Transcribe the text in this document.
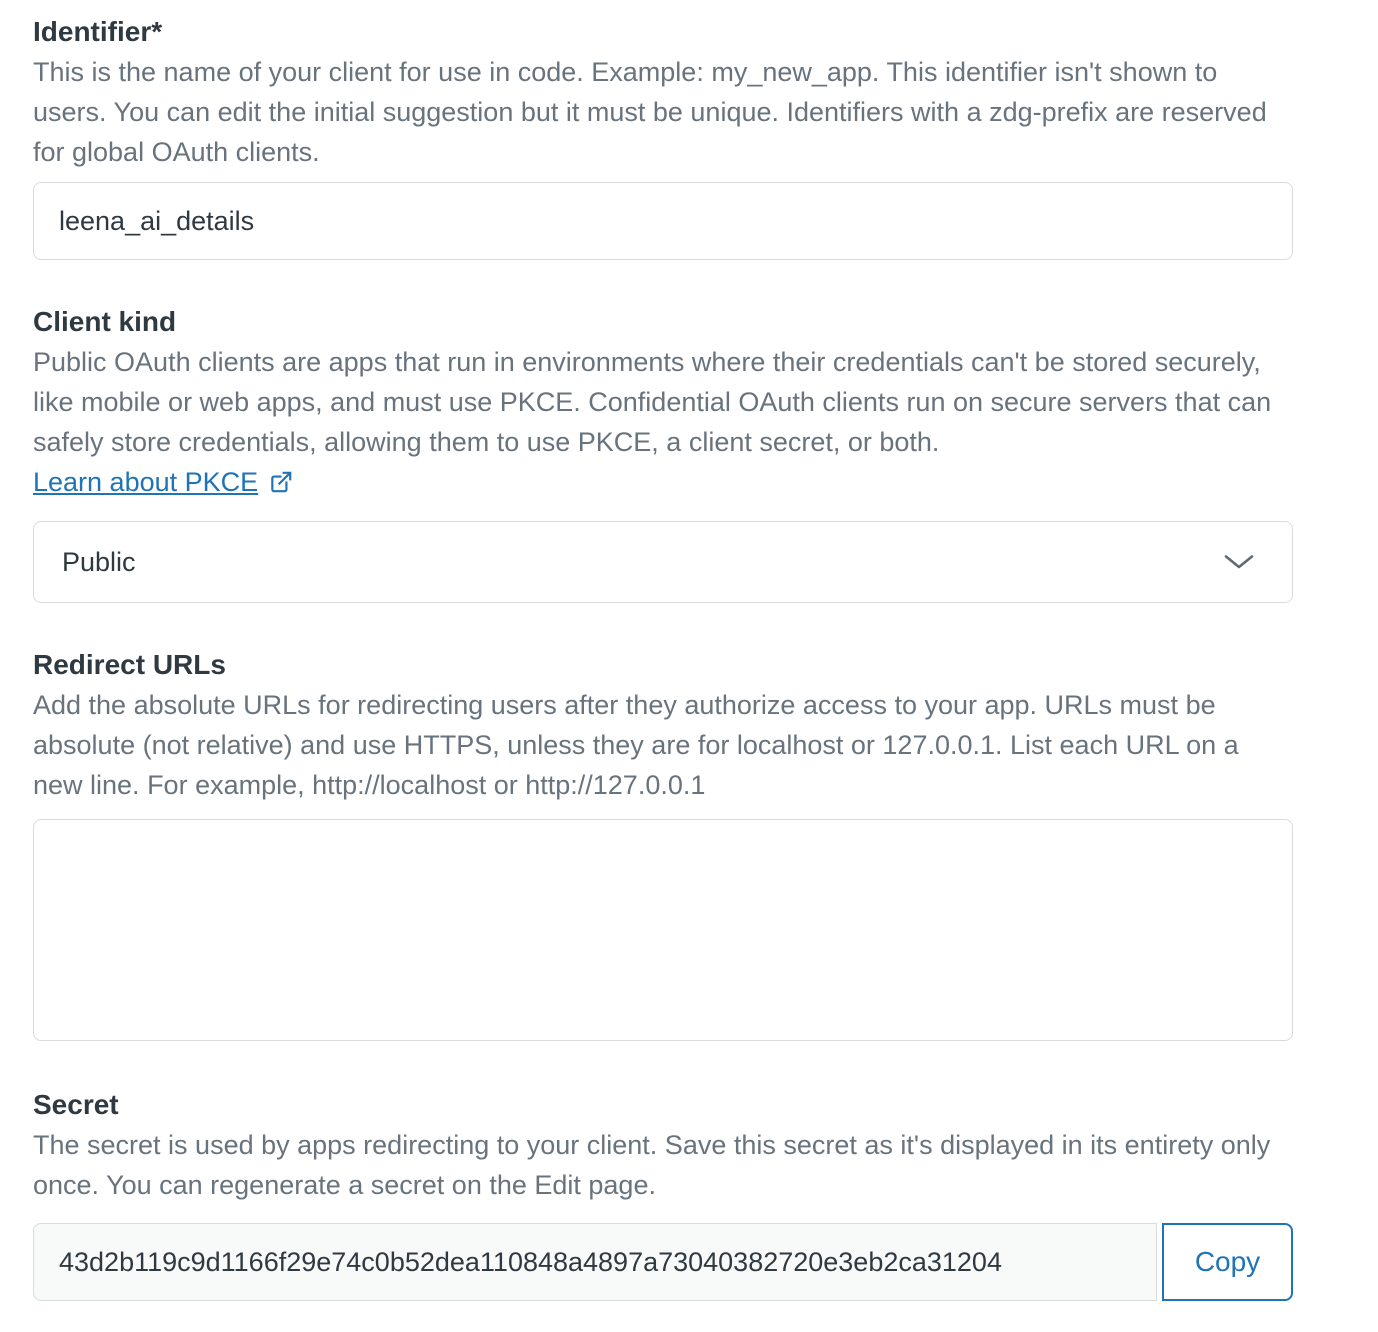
Identifier*

This is the name of your client for use in code. Example: my_new_app. This identifier isn't shown to users. You can edit the initial suggestion but it must be unique. Identifiers with a zdg-prefix are reserved for global OAuth clients.

leena_ai_details
Client kind

Public OAuth clients are apps that run in environments where their credentials can't be stored securely, like mobile or web apps, and must use PKCE. Confidential OAuth clients run on secure servers that can safely store credentials, allowing them to use PKCE, a client secret, or both.

Learn about PKCE
Public
Redirect URLs

Add the absolute URLs for redirecting users after they authorize access to your app. URLs must be absolute (not relative) and use HTTPS, unless they are for localhost or 127.0.0.1. List each URL on a new line. For example, http://localhost or http://127.0.0.1

Secret

The secret is used by apps redirecting to your client. Save this secret as it's displayed in its entirety only once. You can regenerate a secret on the Edit page.

43d2b119c9d1166f29e74c0b52dea110848a4897a73040382720e3eb2ca31204
Copy
